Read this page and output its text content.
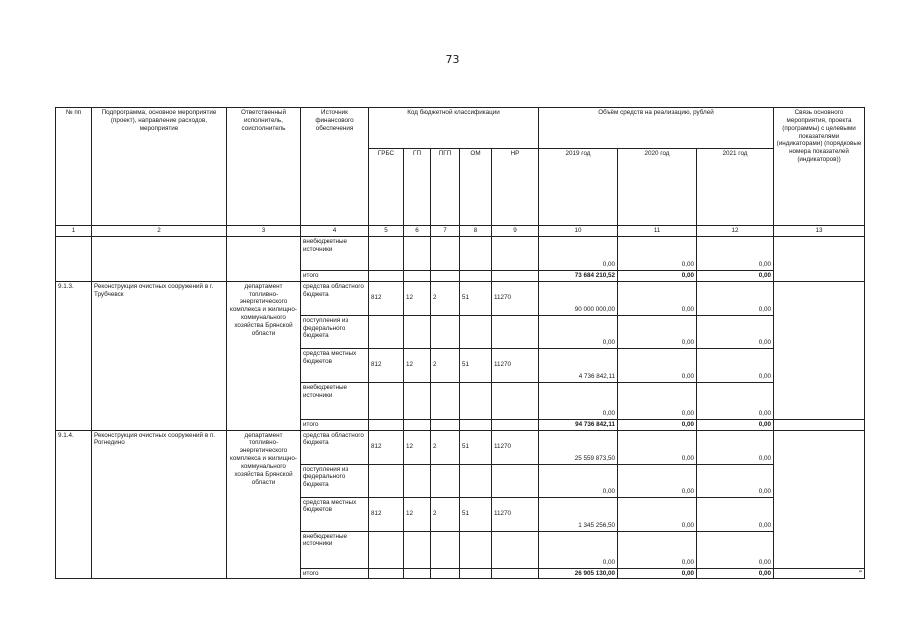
73
№ пп	Подпрограмма, основное мероприятие (проект), направление расходов, мероприятие	Ответственный исполнитель, соисполнитель	Источник финансового обеспечения	Код бюджетной классификации					Объём средств на реализацию, рублей			Связь основного мероприятия, проекта (программы) с целевыми показателями (индикаторами) (порядковые номера показателей (индикаторов))
				ГРБС	ГП	ПГП	ОМ	НР	2019 год	2020 год	2021 год	
1	2	3	4	5	6	7	8	9	10	11	12	13
			внебюджетные источники						0,00	0,00	0,00	
			итого						73 684 210,52	0,00	0,00	
9.1.3.	Реконструкция очистных сооружений в г. Трубчевск	департамент топливно-энергетического комплекса и жилищно-коммунального хозяйства Брянской области	средства областного бюджета	812	12	2	51	11270	90 000 000,00	0,00	0,00	
			поступления из федерального бюджета						0,00	0,00	0,00	
			средства местных бюджетов	812	12	2	51	11270	4 736 842,11	0,00	0,00	
			внебюджетные источники						0,00	0,00	0,00	
			итого						94 736 842,11	0,00	0,00	
9.1.4.	Реконструкция очистных сооружений в п. Рогнедино	департамент топливно-энергетического комплекса и жилищно-коммунального хозяйства Брянской области	средства областного бюджета	812	12	2	51	11270	25 559 873,50	0,00	0,00	
			поступления из федерального бюджета						0,00	0,00	0,00	
			средства местных бюджетов	812	12	2	51	11270	1 345 256,50	0,00	0,00	
			внебюджетные источники						0,00	0,00	0,00	
			итого						26 905 130,00	0,00	0,00	"
